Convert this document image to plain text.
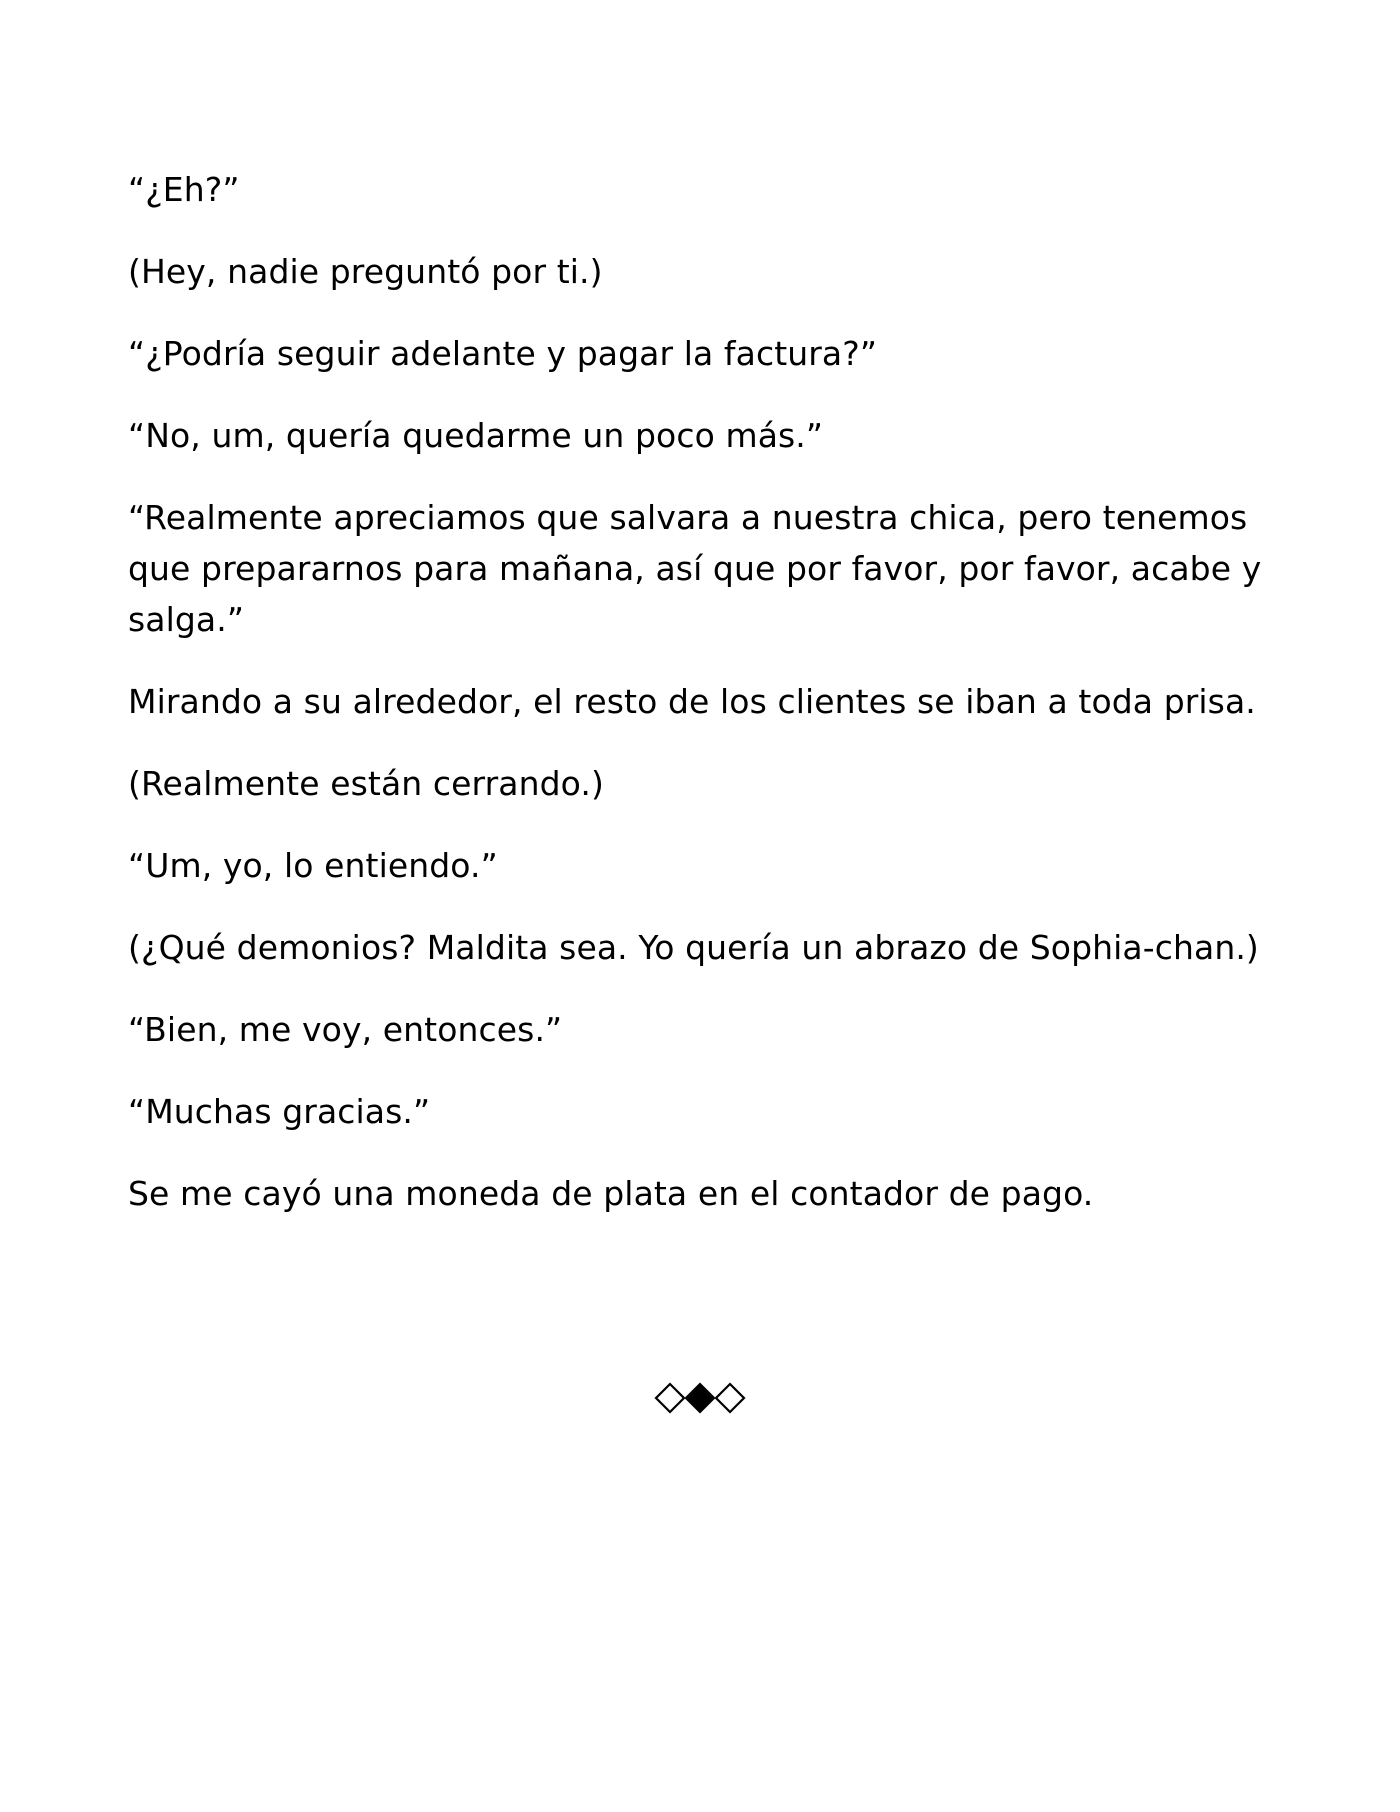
“¿Eh?”

(Hey, nadie preguntó por ti.)

“¿Podría seguir adelante y pagar la factura?”

“No, um, quería quedarme un poco más.”

“Realmente apreciamos que salvara a nuestra chica, pero tenemos que prepararnos para mañana, así que por favor, por favor, acabe y salga.”

Mirando a su alrededor, el resto de los clientes se iban a toda prisa.

(Realmente están cerrando.)

“Um, yo, lo entiendo.”

(¿Qué demonios? Maldita sea. Yo quería un abrazo de Sophia-chan.)

“Bien, me voy, entonces.”

“Muchas gracias.”

Se me cayó una moneda de plata en el contador de pago.
